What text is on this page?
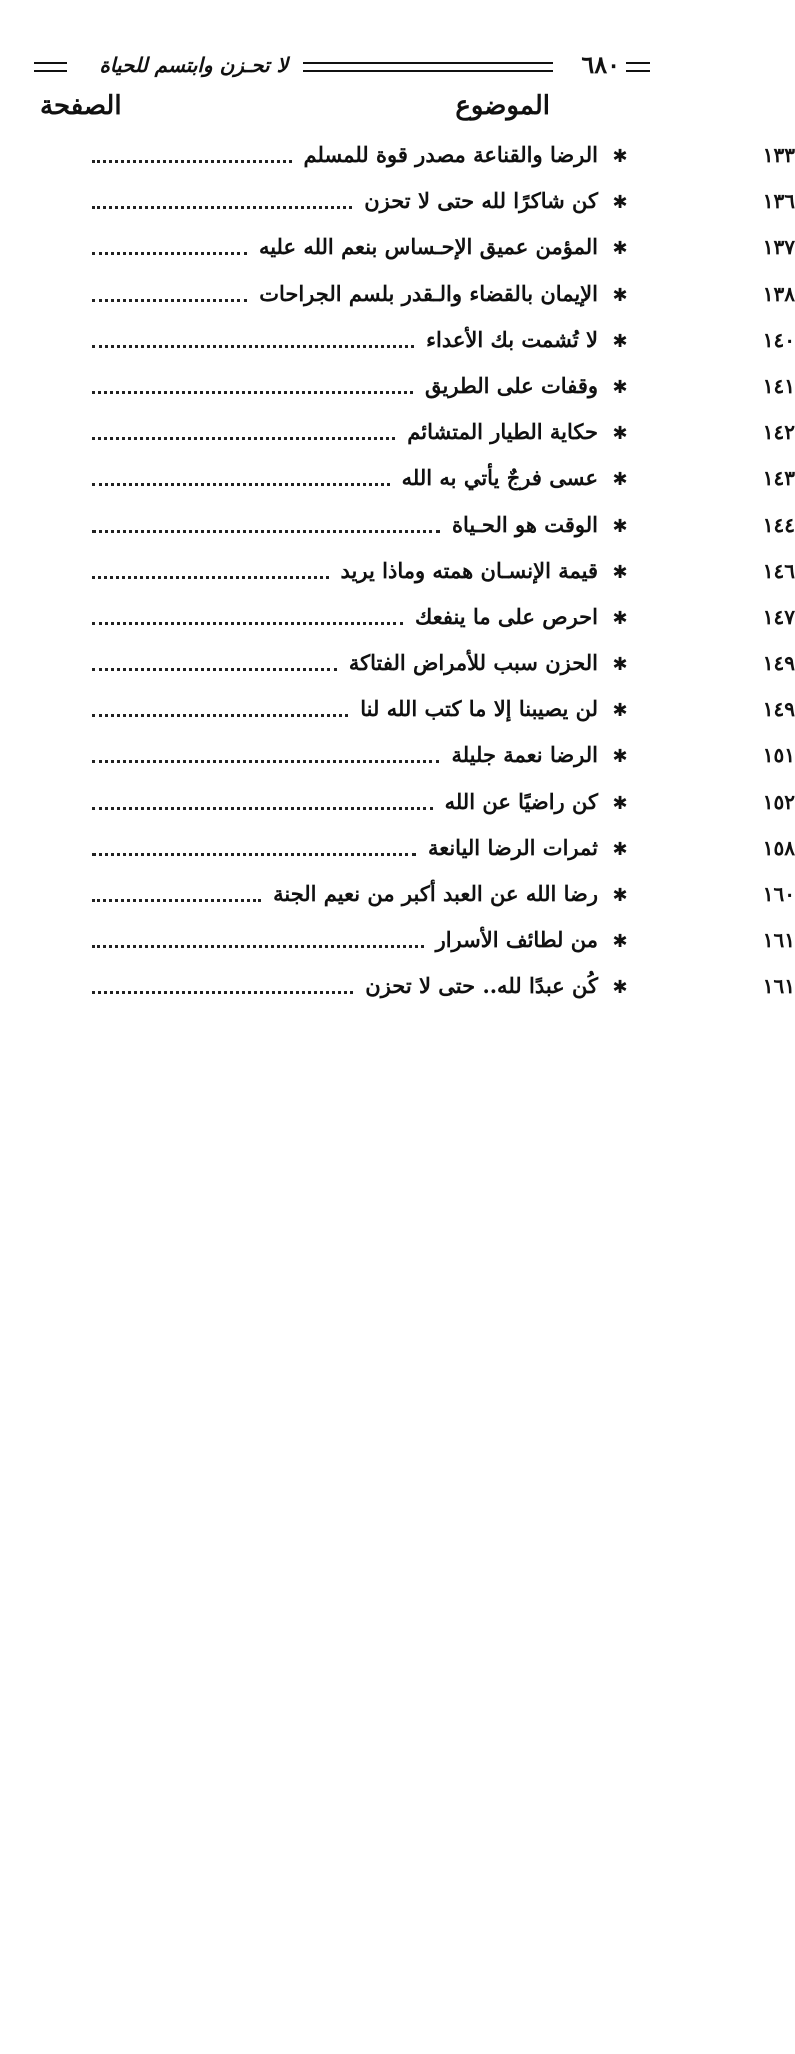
٦٨٠
لا تحـزن وابتسم للحياة
الموضوع
الصفحة
✱
الرضا والقناعة مصدر قوة للمسلم	١٣٣
✱
كن شاكرًا لله حتى لا تحزن	١٣٦
✱
المؤمن عميق الإحـساس بنعم الله عليه	١٣٧
✱
الإيمان بالقضاء والـقدر بلسم الجراحات	١٣٨
✱
لا تُشمت بك الأعداء	١٤٠
✱
وقفات على الطريق	١٤١
✱
حكاية الطيار المتشائم	١٤٢
✱
عسى فرجٌ يأتي به الله	١٤٣
✱
الوقت هو الحـياة	١٤٤
✱
قيمة الإنسـان همته وماذا يريد	١٤٦
✱
احرص على ما ينفعك	١٤٧
✱
الحزن سبب للأمراض الفتاكة	١٤٩
✱
لن يصيبنا إلا ما كتب الله لنا	١٤٩
✱
الرضا نعمة جليلة	١٥١
✱
كن راضيًا عن الله	١٥٢
✱
ثمرات الرضا اليانعة	١٥٨
✱
رضا الله عن العبد أكبر من نعيم الجنة	١٦٠
✱
من لطائف الأسرار	١٦١
✱
كُن عبدًا لله.. حتى لا تحزن	١٦١
